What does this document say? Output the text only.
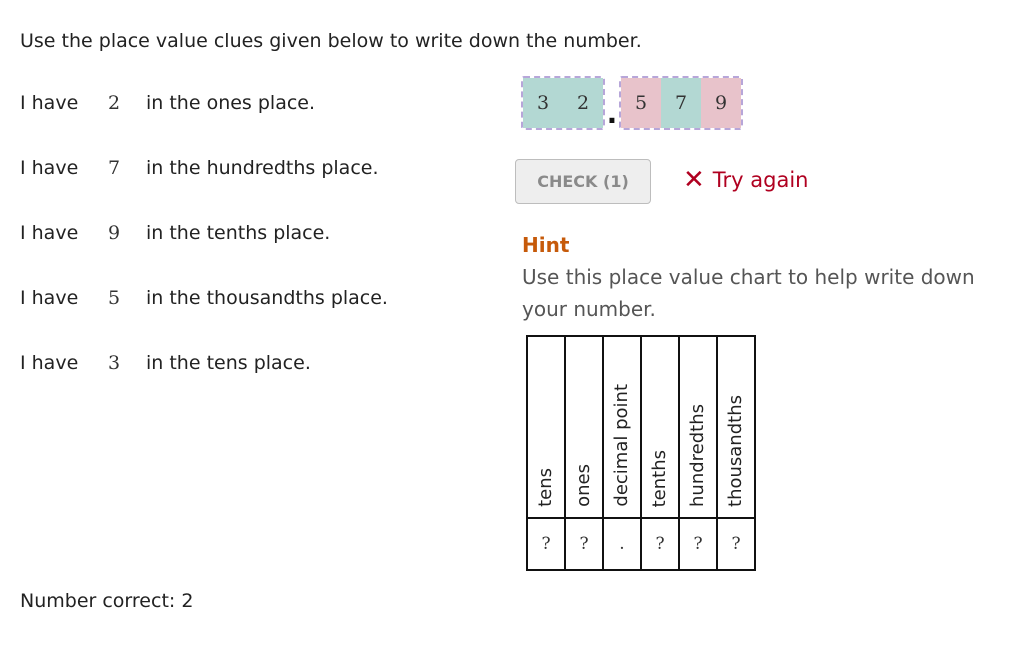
Use the place value clues given below to write down the number.
I have	2	in the ones place.
I have	7	in the hundredths place.
I have	9	in the tenths place.
I have	5	in the thousandths place.
I have	3	in the tens place.
3	2 . 5	7	9
CHECK (1)	✕ Try again
Hint
Use this place value chart to help write down your number.
tens	ones	decimal point	tenths	hundredths	thousandths
?	?	.	?	?	?
Number correct: 2
